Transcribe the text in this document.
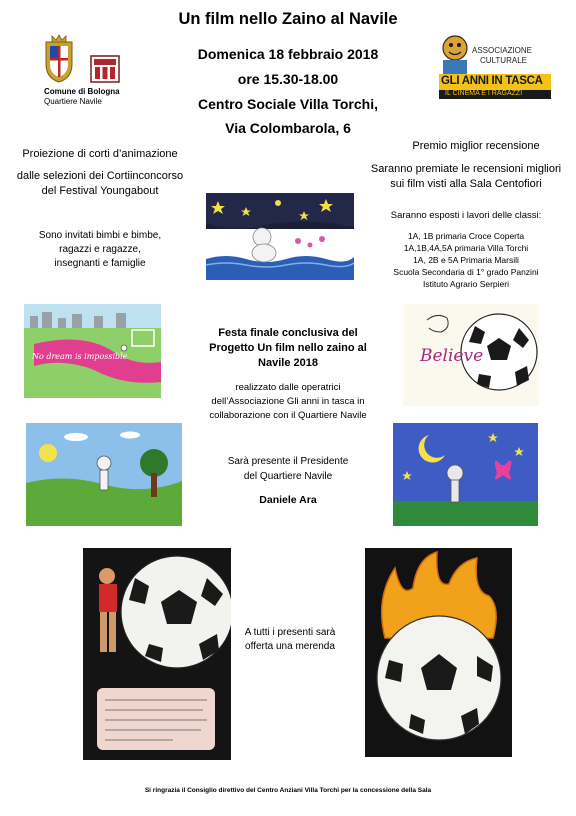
Un film nello Zaino al Navile
Domenica 18 febbraio 2018
ore 15.30-18.00
Centro Sociale Villa Torchi,
Via Colombarola, 6
Comune di Bologna
Quartiere Navile
ASSOCIAZIONE
CULTURALE
GLI ANNI IN TASCA
IL CINEMA E I RAGAZZI
Proiezione di corti d’animazione
dalle selezioni dei Cortiinconcorso
del Festival Youngabout
Sono invitati bimbi e bimbe,
ragazzi e ragazze,
insegnanti e famiglie
Premio miglior recensione
Saranno premiate le recensioni migliori
sui film visti alla Sala Centofiori
Saranno esposti i lavori delle classi:
1A, 1B primaria Croce Coperta
1A,1B,4A,5A primaria Villa Torchi
1A, 2B e 5A Primaria Marsili
Scuola Secondaria di 1° grado Panzini
Istituto Agrario Serpieri
No dream is impossible	Believe
Festa finale conclusiva del
Progetto Un film nello zaino al
Navile 2018
realizzato dalle operatrici
dell’Associazione Gli anni in tasca in
collaborazione con il Quartiere Navile
Sarà presente il Presidente
del Quartiere Navile
Daniele Ara
A tutti i presenti sarà
offerta una merenda
Si ringrazia il Consiglio direttivo del Centro Anziani Villa Torchi per la concessione della Sala
